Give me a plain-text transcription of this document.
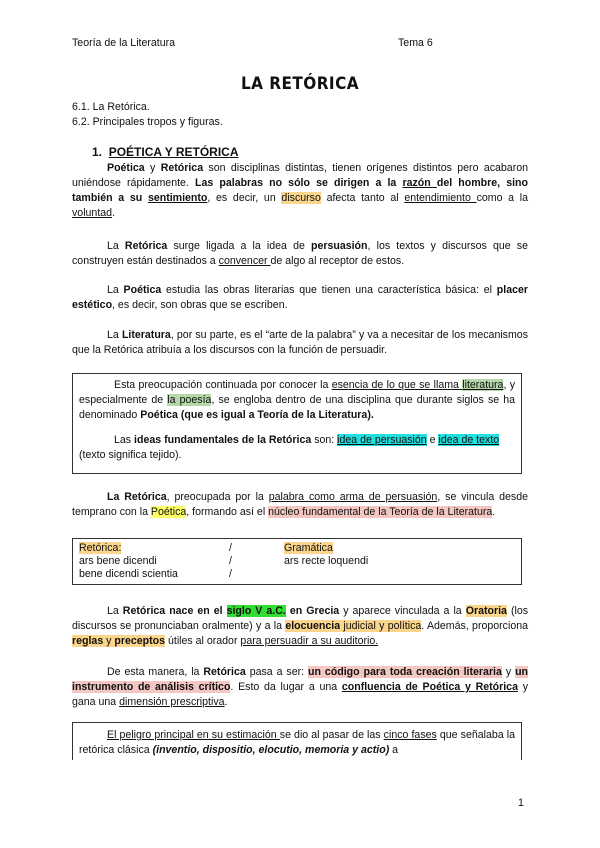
Teoría de la Literatura	Tema 6
LA RETÓRICA
6.1. La Retórica.
6.2. Principales tropos y figuras.
1. POÉTICA Y RETÓRICA
Poética y Retórica son disciplinas distintas, tienen orígenes distintos pero acabaron uniéndose rápidamente. Las palabras no sólo se dirigen a la razón del hombre, sino también a su sentimiento, es decir, un discurso afecta tanto al entendimiento como a la voluntad.
La Retórica surge ligada a la idea de persuasión, los textos y discursos que se construyen están destinados a convencer de algo al receptor de estos.
La Poética estudia las obras literarias que tienen una característica básica: el placer estético, es decir, son obras que se escriben.
La Literatura, por su parte, es el “arte de la palabra” y va a necesitar de los mecanismos que la Retórica atribuía a los discursos con la función de persuadir.
Esta preocupación continuada por conocer la esencia de lo que se llama literatura, y especialmente de la poesía, se engloba dentro de una disciplina que durante siglos se ha denominado Poética (que es igual a Teoría de la Literatura).
Las ideas fundamentales de la Retórica son: idea de persuasión e idea de texto
(texto significa tejido).
La Retórica, preocupada por la palabra como arma de persuasión, se vincula desde temprano con la Poética, formando así el núcleo fundamental de la Teoría de la Literatura.
Retórica:	/	Gramática
ars bene dicendi	/	ars recte loquendi
bene dicendi scientia	/	
La Retórica nace en el siglo V a.C. en Grecia y aparece vinculada a la Oratoria (los discursos se pronunciaban oralmente) y a la elocuencia judicial y política. Además, proporciona reglas y preceptos útiles al orador para persuadir a su auditorio.
De esta manera, la Retórica pasa a ser: un código para toda creación literaria y un instrumento de análisis crítico. Esto da lugar a una confluencia de Poética y Retórica y gana una dimensión prescriptiva.
El peligro principal en su estimación se dio al pasar de las cinco fases que señalaba la retórica clásica (inventio, dispositio, elocutio, memoria y actio) a
1
